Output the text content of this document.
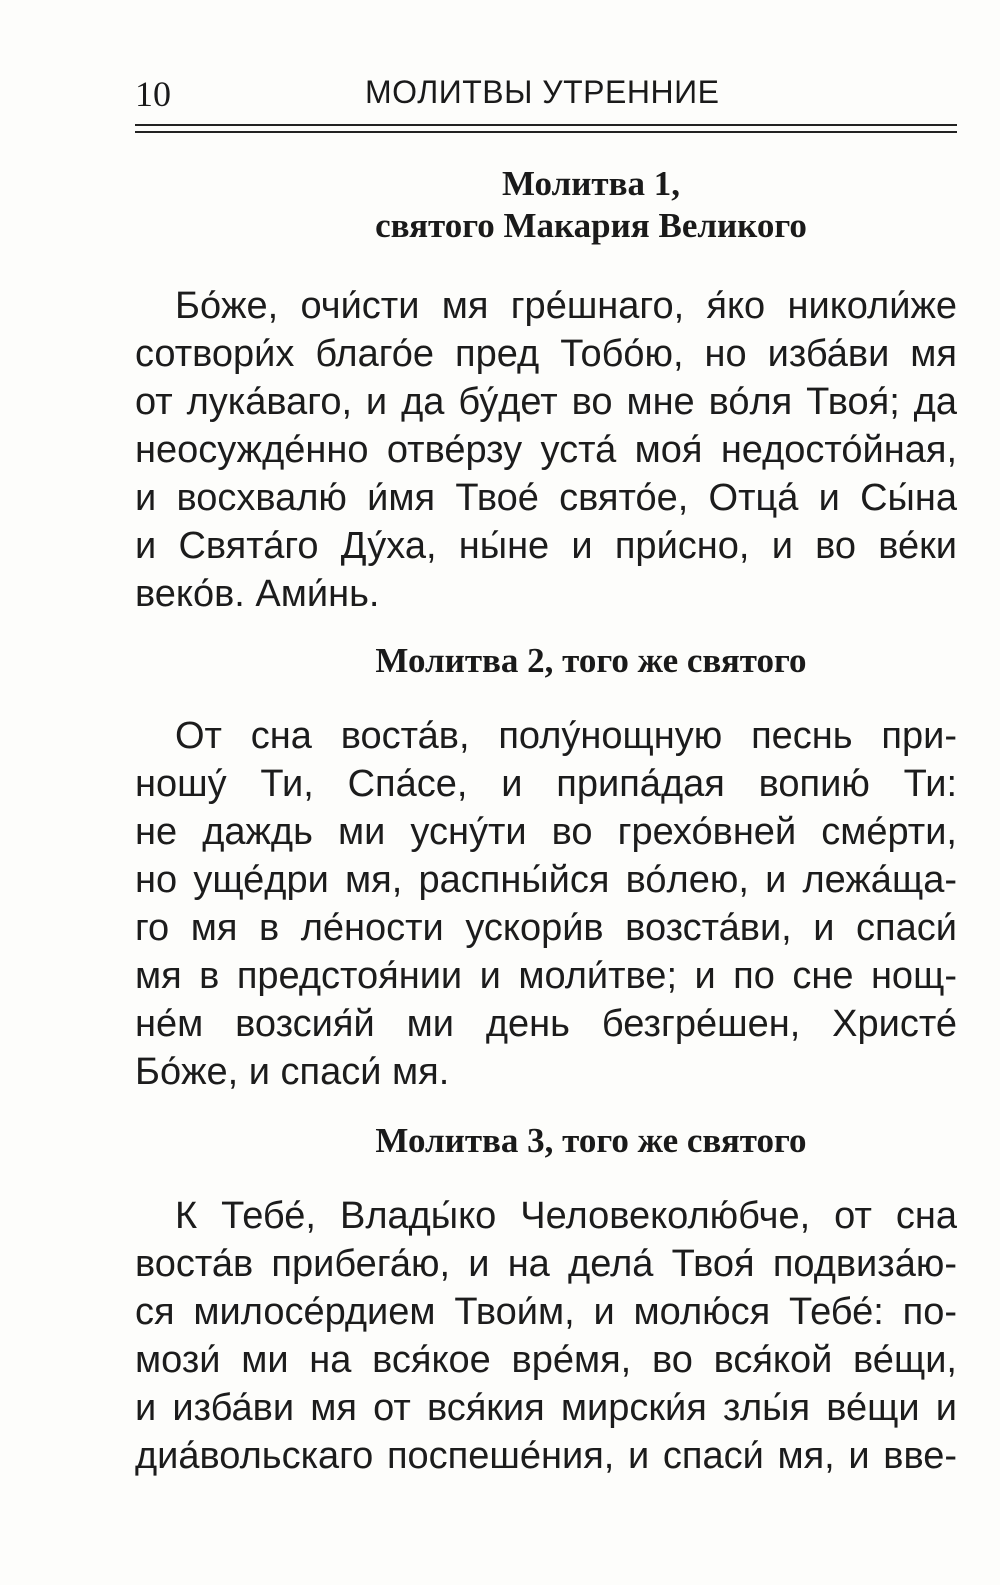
10	МОЛИТВЫ УТРЕННИЕ
Молитва 1,
святого Макария Великого

Бо́же, очи́сти мя гре́шнаго, я́ко николи́же
сотвори́х благо́е пред Тобо́ю, но изба́ви мя
от лука́ваго, и да бу́дет во мне во́ля Твоя́; да
неосужде́нно отве́рзу уста́ моя́ недосто́йная,
и восхвалю́ и́мя Твое́ свято́е, Отца́ и Сы́на
и Свята́го Ду́ха, ны́не и при́сно, и во ве́ки
веко́в. Ами́нь.

Молитва 2, того же святого

От сна воста́в, полу́нощную песнь при-
ношу́ Ти, Спа́се, и припа́дая вопию́ Ти:
не даждь ми усну́ти во грехо́вней сме́рти,
но уще́дри мя, распны́йся во́лею, и лежа́ща-
го мя в ле́ности ускори́в возста́ви, и спаси́
мя в предстоя́нии и моли́тве; и по сне нощ-
не́м возсия́й ми день безгре́шен, Христе́
Бо́же, и спаси́ мя.

Молитва 3, того же святого

К Тебе́, Влады́ко Человеколю́бче, от сна
воста́в прибега́ю, и на дела́ Твоя́ подвиза́ю-
ся милосе́рдием Твои́м, и молю́ся Тебе́: по-
мози́ ми на вся́кое вре́мя, во вся́кой ве́щи,
и изба́ви мя от вся́кия мирски́я злы́я ве́щи и
диа́вольскаго поспеше́ния, и спаси́ мя, и вве-
